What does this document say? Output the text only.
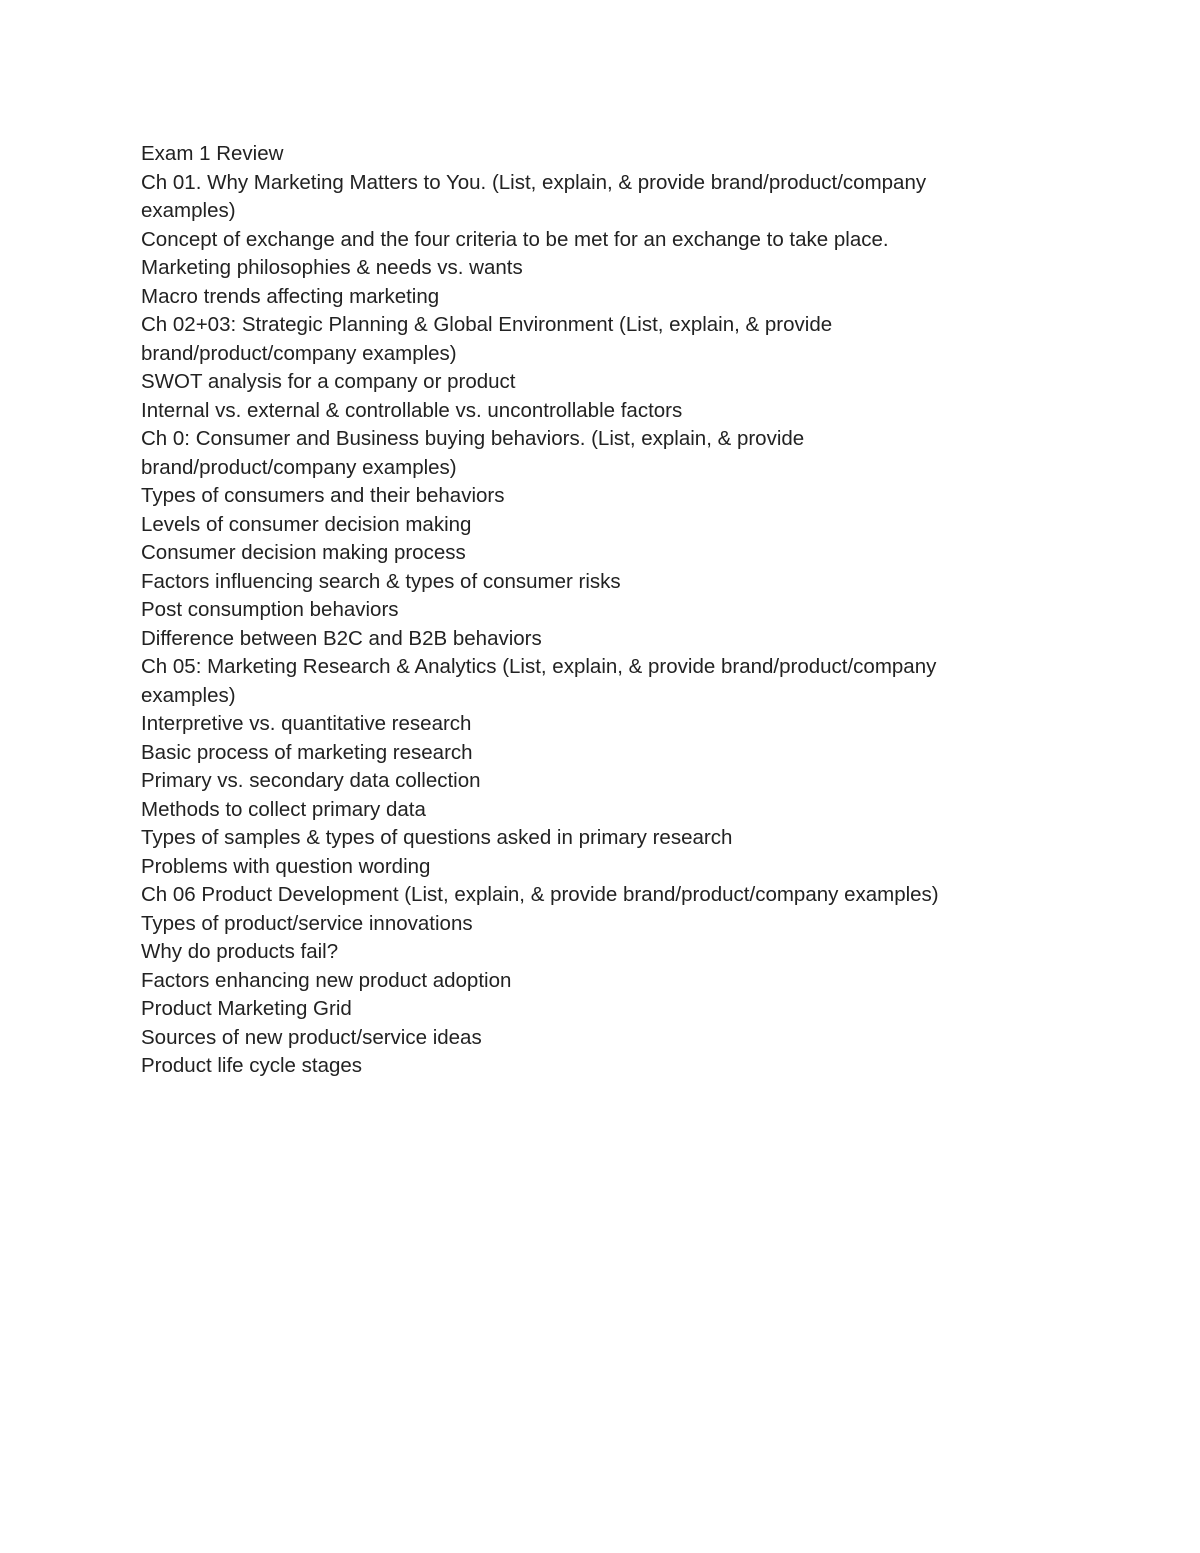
Exam 1 Review
Ch 01. Why Marketing Matters to You. (List, explain, & provide brand/product/company examples)
Concept of exchange and the four criteria to be met for an exchange to take place.
Marketing philosophies & needs vs. wants
Macro trends affecting marketing
Ch 02+03: Strategic Planning & Global Environment (List, explain, & provide brand/product/company examples)
SWOT analysis for a company or product
Internal vs. external & controllable vs. uncontrollable factors
Ch 0: Consumer and Business buying behaviors. (List, explain, & provide brand/product/company examples)
Types of consumers and their behaviors
Levels of consumer decision making
Consumer decision making process
Factors influencing search & types of consumer risks
Post consumption behaviors
Difference between B2C and B2B behaviors
Ch 05: Marketing Research & Analytics (List, explain, & provide brand/product/company examples)
Interpretive vs. quantitative research
Basic process of marketing research
Primary vs. secondary data collection
Methods to collect primary data
Types of samples & types of questions asked in primary research
Problems with question wording
Ch 06 Product Development (List, explain, & provide brand/product/company examples)
Types of product/service innovations
Why do products fail?
Factors enhancing new product adoption
Product Marketing Grid
Sources of new product/service ideas
Product life cycle stages
